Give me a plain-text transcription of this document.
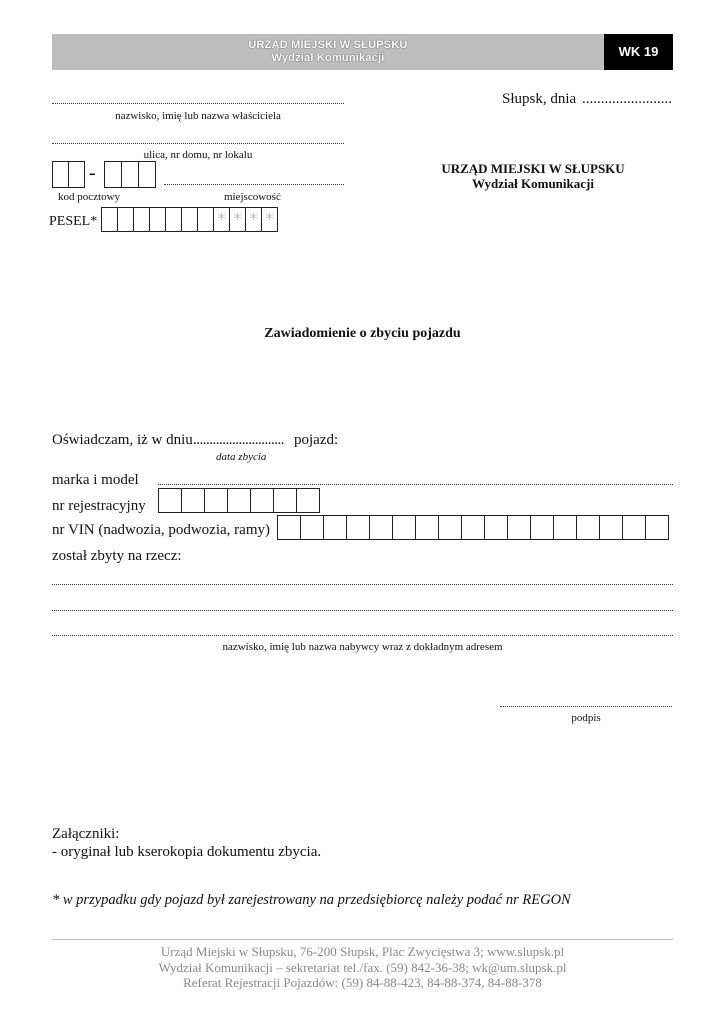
URZĄD MIEJSKI W SŁUPSKU
Wydział Komunikacji	WK 19
nazwisko, imię lub nazwa właściciela
ulica, nr domu, nr lokalu
-
kod pocztowy	miejscowość
PESEL*	* * * *
Słupsk, dnia ........................
URZĄD MIEJSKI W SŁUPSKU
Wydział Komunikacji
Zawiadomienie o zbyciu pojazdu
Oświadczam, iż w dniu ............................ pojazd:
data zbycia
marka i model
nr rejestracyjny
nr VIN (nadwozia, podwozia, ramy)
został zbyty na rzecz:
nazwisko, imię lub nazwa nabywcy wraz z dokładnym adresem
podpis
Załączniki:
- oryginał lub kserokopia dokumentu zbycia.
* w przypadku gdy pojazd był zarejestrowany na przedsiębiorcę należy podać nr REGON
Urząd Miejski w Słupsku, 76-200 Słupsk, Plac Zwycięstwa 3; www.slupsk.pl
Wydział Komunikacji – sekretariat tel./fax. (59) 842-36-38; wk@um.slupsk.pl
Referat Rejestracji Pojazdów: (59) 84-88-423, 84-88-374, 84-88-378
